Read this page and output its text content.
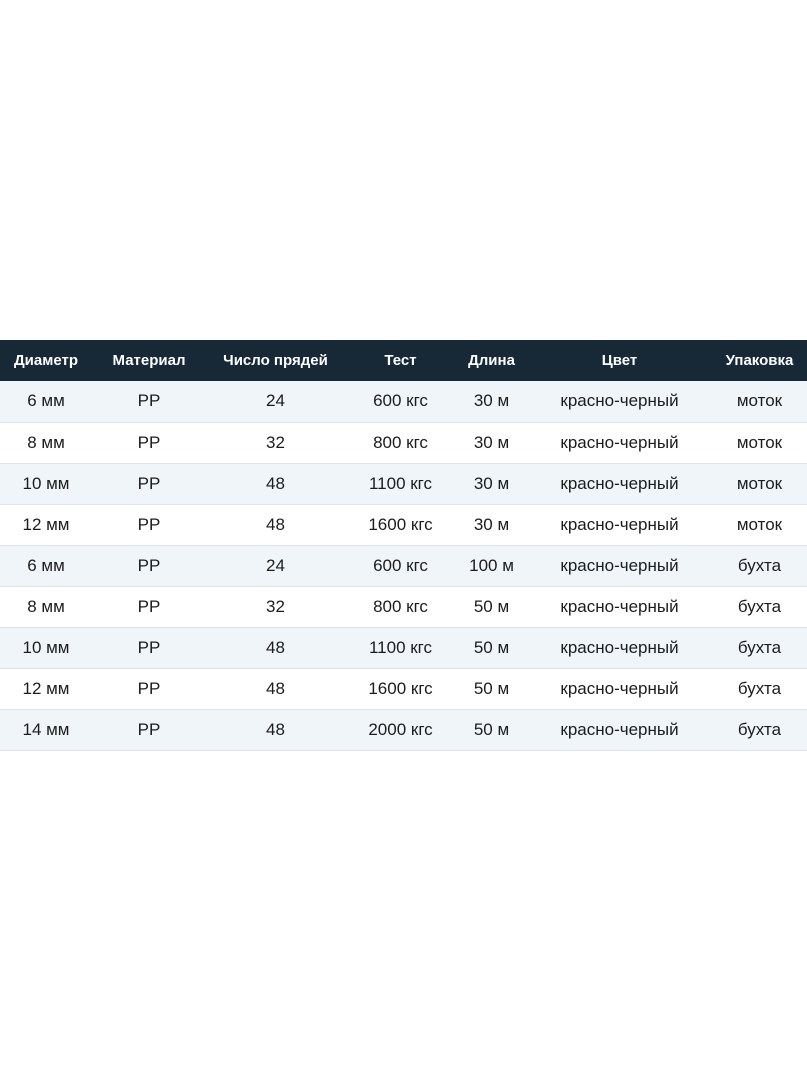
Диаметр	Материал	Число прядей	Тест	Длина	Цвет	Упаковка
6 мм	PP	24	600 кгс	30 м	красно-черный	моток
8 мм	PP	32	800 кгс	30 м	красно-черный	моток
10 мм	PP	48	1100 кгс	30 м	красно-черный	моток
12 мм	PP	48	1600 кгс	30 м	красно-черный	моток
6 мм	PP	24	600 кгс	100 м	красно-черный	бухта
8 мм	PP	32	800 кгс	50 м	красно-черный	бухта
10 мм	PP	48	1100 кгс	50 м	красно-черный	бухта
12 мм	PP	48	1600 кгс	50 м	красно-черный	бухта
14 мм	PP	48	2000 кгс	50 м	красно-черный	бухта
